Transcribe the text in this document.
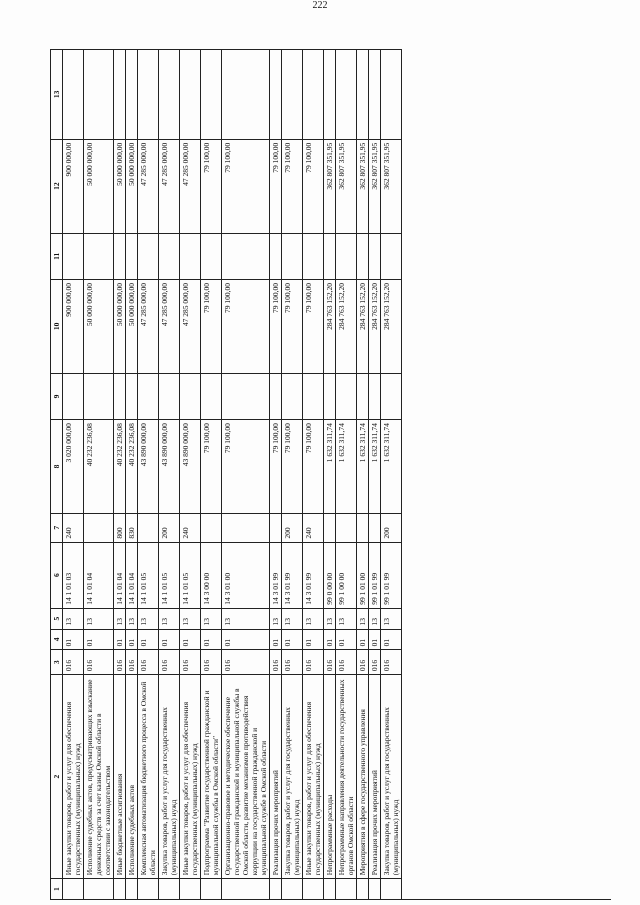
222
1
2
3
4
5
6
7
8
9
10
11
12
13
Иные закупки товаров, работ и услуг для обеспечения государственных (муниципальных) нужд
016
01
13
14 1 01 03
240
3 020 000,00
900 000,00
900 000,00
Исполнение судебных актов, предусматривающих взыскание денежных средств за счет казны Омской области в соответствии с законодательством
016
01
13
14 1 01 04
40 232 236,08
50 000 000,00
50 000 000,00
Иные бюджетные ассигнования
016
01
13
14 1 01 04
800
40 232 236,08
50 000 000,00
50 000 000,00
Исполнение судебных актов
016
01
13
14 1 01 04
830
40 232 236,08
50 000 000,00
50 000 000,00
Комплексная автоматизация бюджетного процесса в Омской области
016
01
13
14 1 01 05
43 890 000,00
47 285 000,00
47 285 000,00
Закупка товаров, работ и услуг для государственных (муниципальных) нужд
016
01
13
14 1 01 05
200
43 890 000,00
47 285 000,00
47 285 000,00
Иные закупки товаров, работ и услуг для обеспечения государственных (муниципальных) нужд
016
01
13
14 1 01 05
240
43 890 000,00
47 285 000,00
47 285 000,00
Подпрограмма "Развитие государственной гражданской и муниципальной службы в Омской области"
016
01
13
14 3 00 00
79 100,00
79 100,00
79 100,00
Организационно-правовое и методическое обеспечение государственной гражданской и муниципальной службы в Омской области, развитие механизмов противодействия коррупции на государственной гражданской и муниципальной службе в Омской области
016
01
13
14 3 01 00
79 100,00
79 100,00
79 100,00
Реализация прочих мероприятий
016
01
13
14 3 01 99
79 100,00
79 100,00
79 100,00
Закупка товаров, работ и услуг для государственных (муниципальных) нужд
016
01
13
14 3 01 99
200
79 100,00
79 100,00
79 100,00
Иные закупки товаров, работ и услуг для обеспечения государственных (муниципальных) нужд
016
01
13
14 3 01 99
240
79 100,00
79 100,00
79 100,00
Непрограммные расходы
016
01
13
99 0 00 00
1 632 311,74
284 763 152,20
362 807 351,95
Непрограммные направления деятельности государственных органов Омской области
016
01
13
99 1 00 00
1 632 311,74
284 763 152,20
362 807 351,95
Мероприятия в сфере государственного управления
016
01
13
99 1 01 00
1 632 311,74
284 763 152,20
362 807 351,95
Реализация прочих мероприятий
016
01
13
99 1 01 99
1 632 311,74
284 763 152,20
362 807 351,95
Закупка товаров, работ и услуг для государственных (муниципальных) нужд
016
01
13
99 1 01 99
200
1 632 311,74
284 763 152,20
362 807 351,95
